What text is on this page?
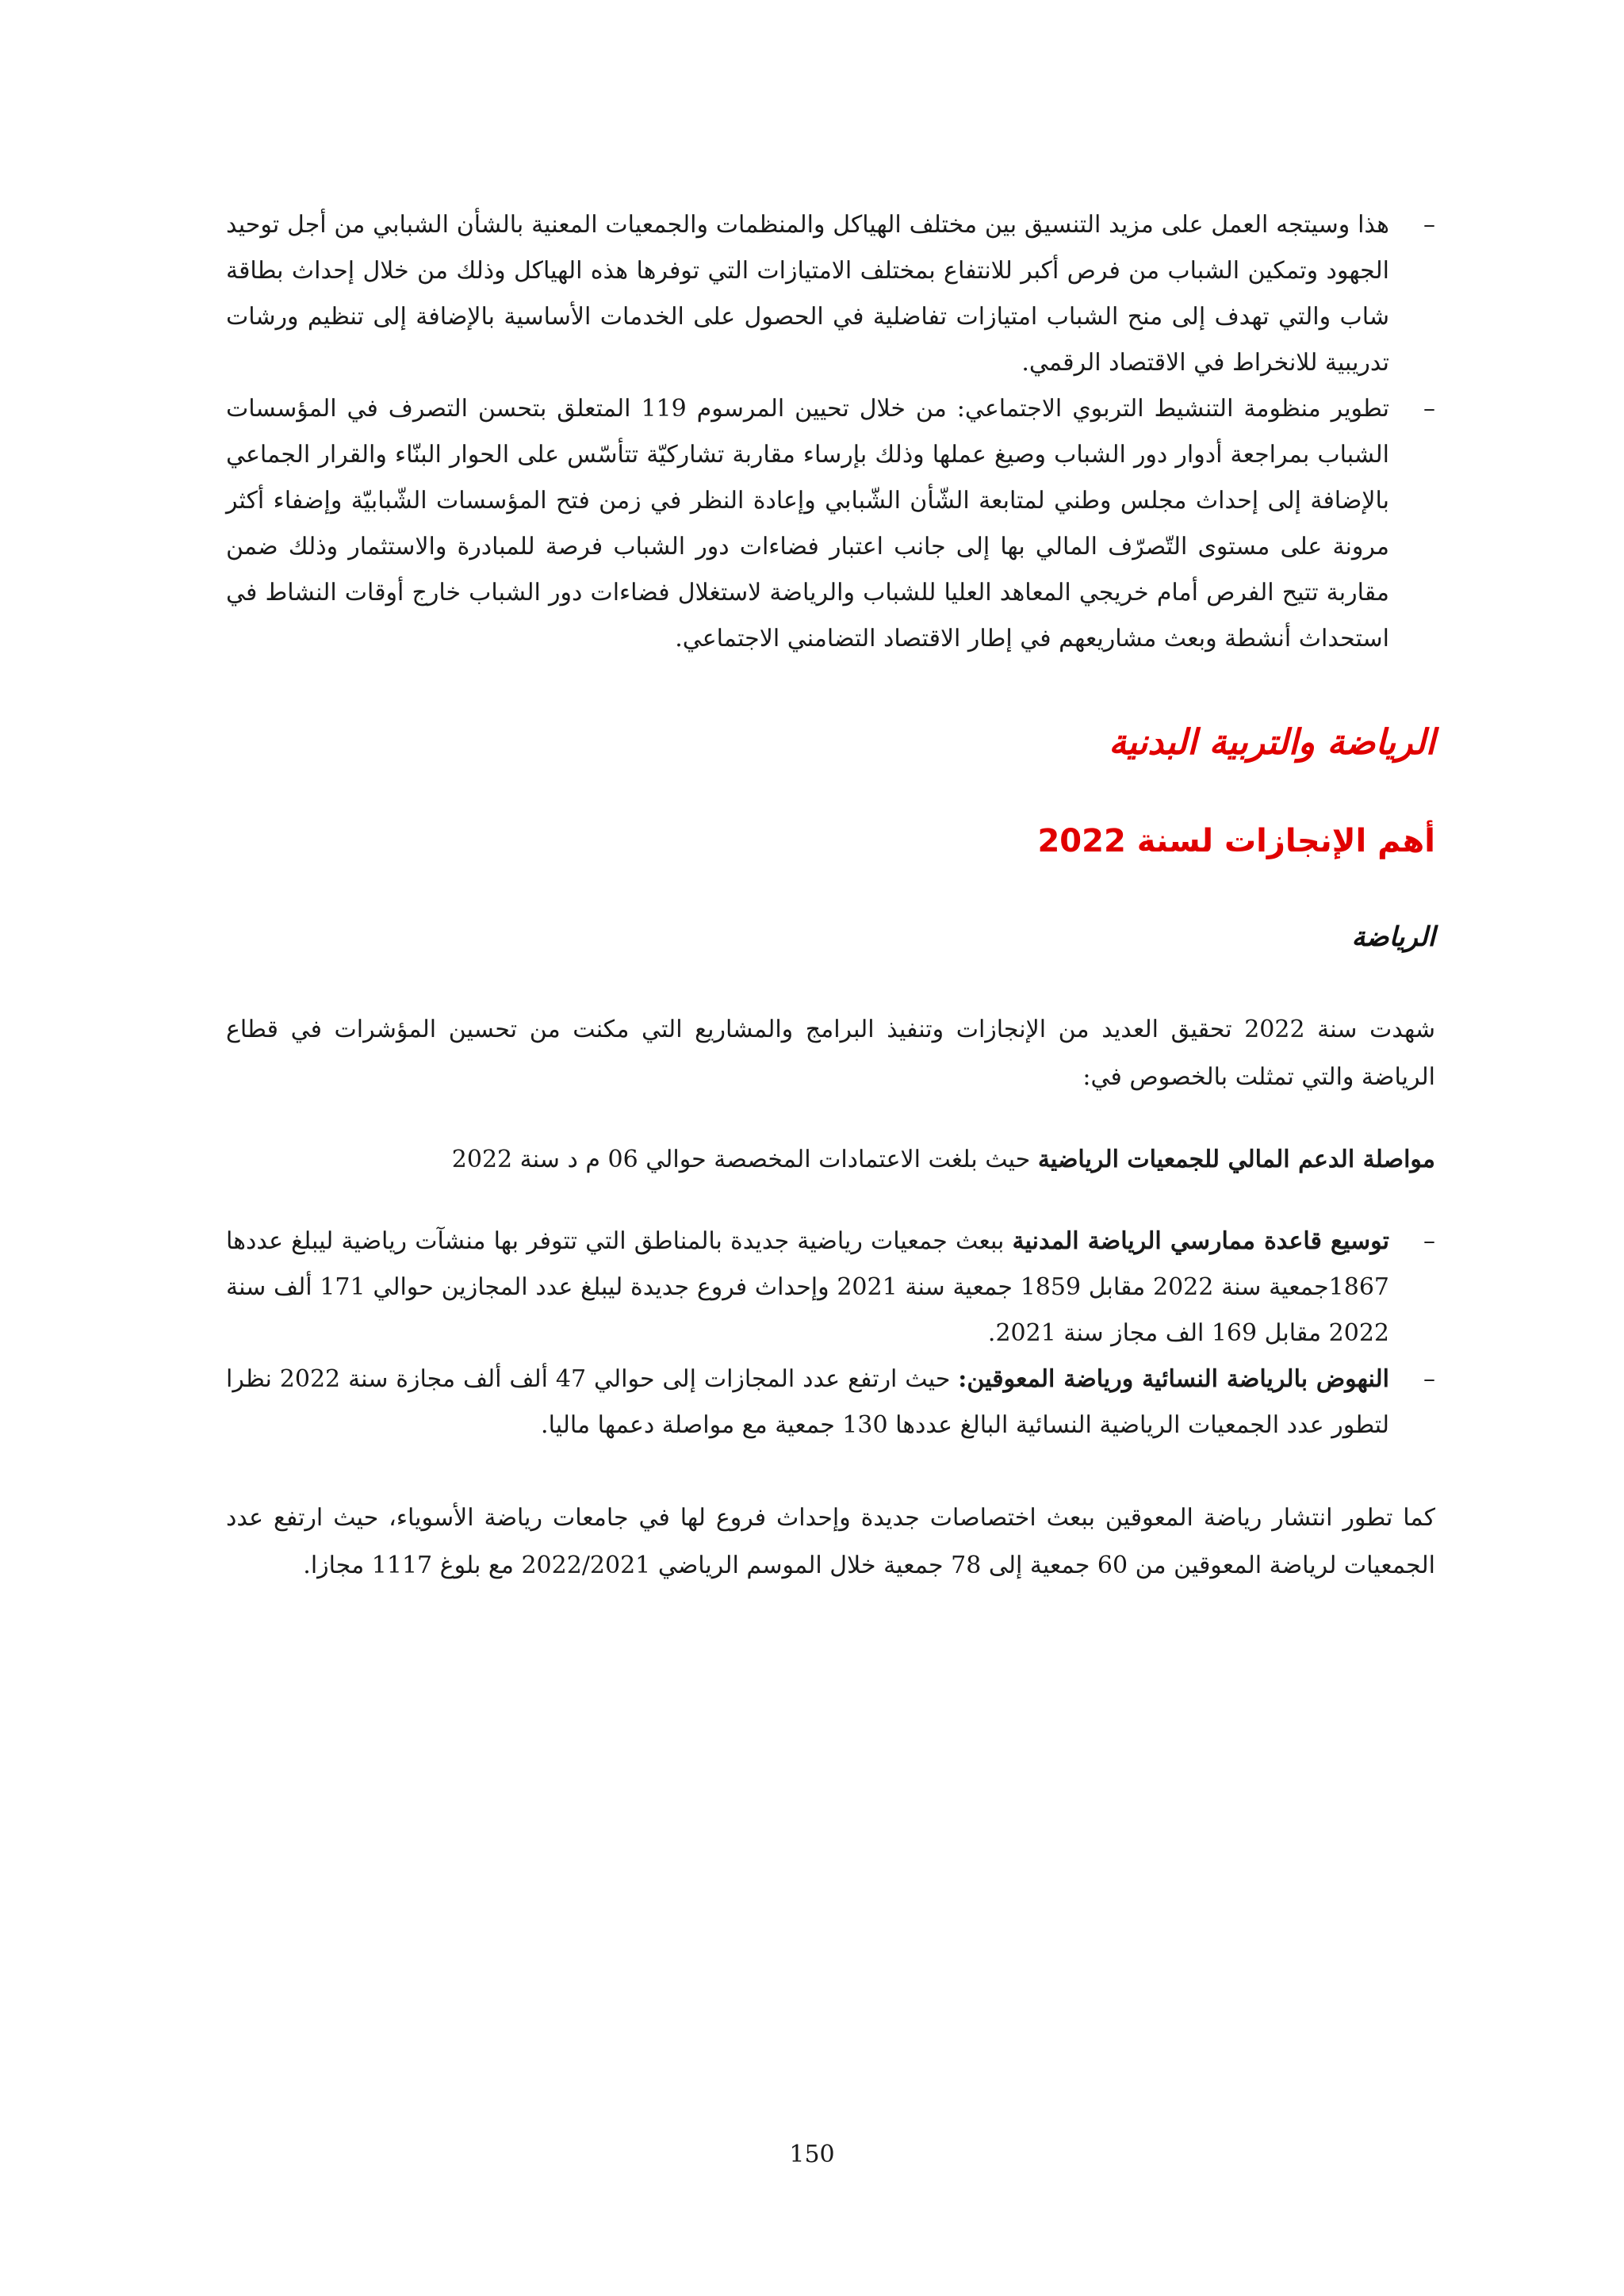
–
هذا وسيتجه العمل على مزيد التنسيق بين مختلف الهياكل والمنظمات والجمعيات المعنية بالشأن الشبابي من أجل توحيد الجهود وتمكين الشباب من فرص أكبر للانتفاع بمختلف الامتيازات التي توفرها هذه الهياكل وذلك من خلال إحداث بطاقة شاب والتي تهدف إلى منح الشباب امتيازات تفاضلية في الحصول على الخدمات الأساسية بالإضافة إلى تنظيم ورشات تدريبية للانخراط في الاقتصاد الرقمي.
–
تطوير منظومة التنشيط التربوي الاجتماعي: من خلال تحيين المرسوم 119 المتعلق بتحسن التصرف في المؤسسات الشباب بمراجعة أدوار دور الشباب وصيغ عملها وذلك بإرساء مقاربة تشاركيّة تتأسّس على الحوار البنّاء والقرار الجماعي بالإضافة إلى إحداث مجلس وطني لمتابعة الشّأن الشّبابي وإعادة النظر في زمن فتح المؤسسات الشّبابيّة وإضفاء أكثر مرونة على مستوى التّصرّف المالي بها إلى جانب اعتبار فضاءات دور الشباب فرصة للمبادرة والاستثمار وذلك ضمن مقاربة تتيح الفرص أمام خريجي المعاهد العليا للشباب والرياضة لاستغلال فضاءات دور الشباب خارج أوقات النشاط في استحداث أنشطة وبعث مشاريعهم في إطار الاقتصاد التضامني الاجتماعي.
الرياضة والتربية البدنية
أهم الإنجازات لسنة 2022
الرياضة

شهدت سنة 2022 تحقيق العديد من الإنجازات وتنفيذ البرامج والمشاريع التي مكنت من تحسين المؤشرات في قطاع الرياضة والتي تمثلت بالخصوص في:

مواصلة الدعم المالي للجمعيات الرياضية حيث بلغت الاعتمادات المخصصة حوالي 06 م د سنة 2022

–
توسيع قاعدة ممارسي الرياضة المدنية ببعث جمعيات رياضية جديدة بالمناطق التي تتوفر بها منشآت رياضية ليبلغ عددها 1867جمعية سنة 2022 مقابل 1859 جمعية سنة 2021 وإحداث فروع جديدة ليبلغ عدد المجازين حوالي 171 ألف سنة 2022 مقابل 169 الف مجاز سنة 2021.
–
النهوض بالرياضة النسائية ورياضة المعوقين: حيث ارتفع عدد المجازات إلى حوالي 47 ألف ألف مجازة سنة 2022 نظرا لتطور عدد الجمعيات الرياضية النسائية البالغ عددها 130 جمعية مع مواصلة دعمها ماليا.

كما تطور انتشار رياضة المعوقين ببعث اختصاصات جديدة وإحداث فروع لها في جامعات رياضة الأسوياء، حيث ارتفع عدد الجمعيات لرياضة المعوقين من 60 جمعية إلى 78 جمعية خلال الموسم الرياضي 2022/2021 مع بلوغ 1117 مجازا.

150
